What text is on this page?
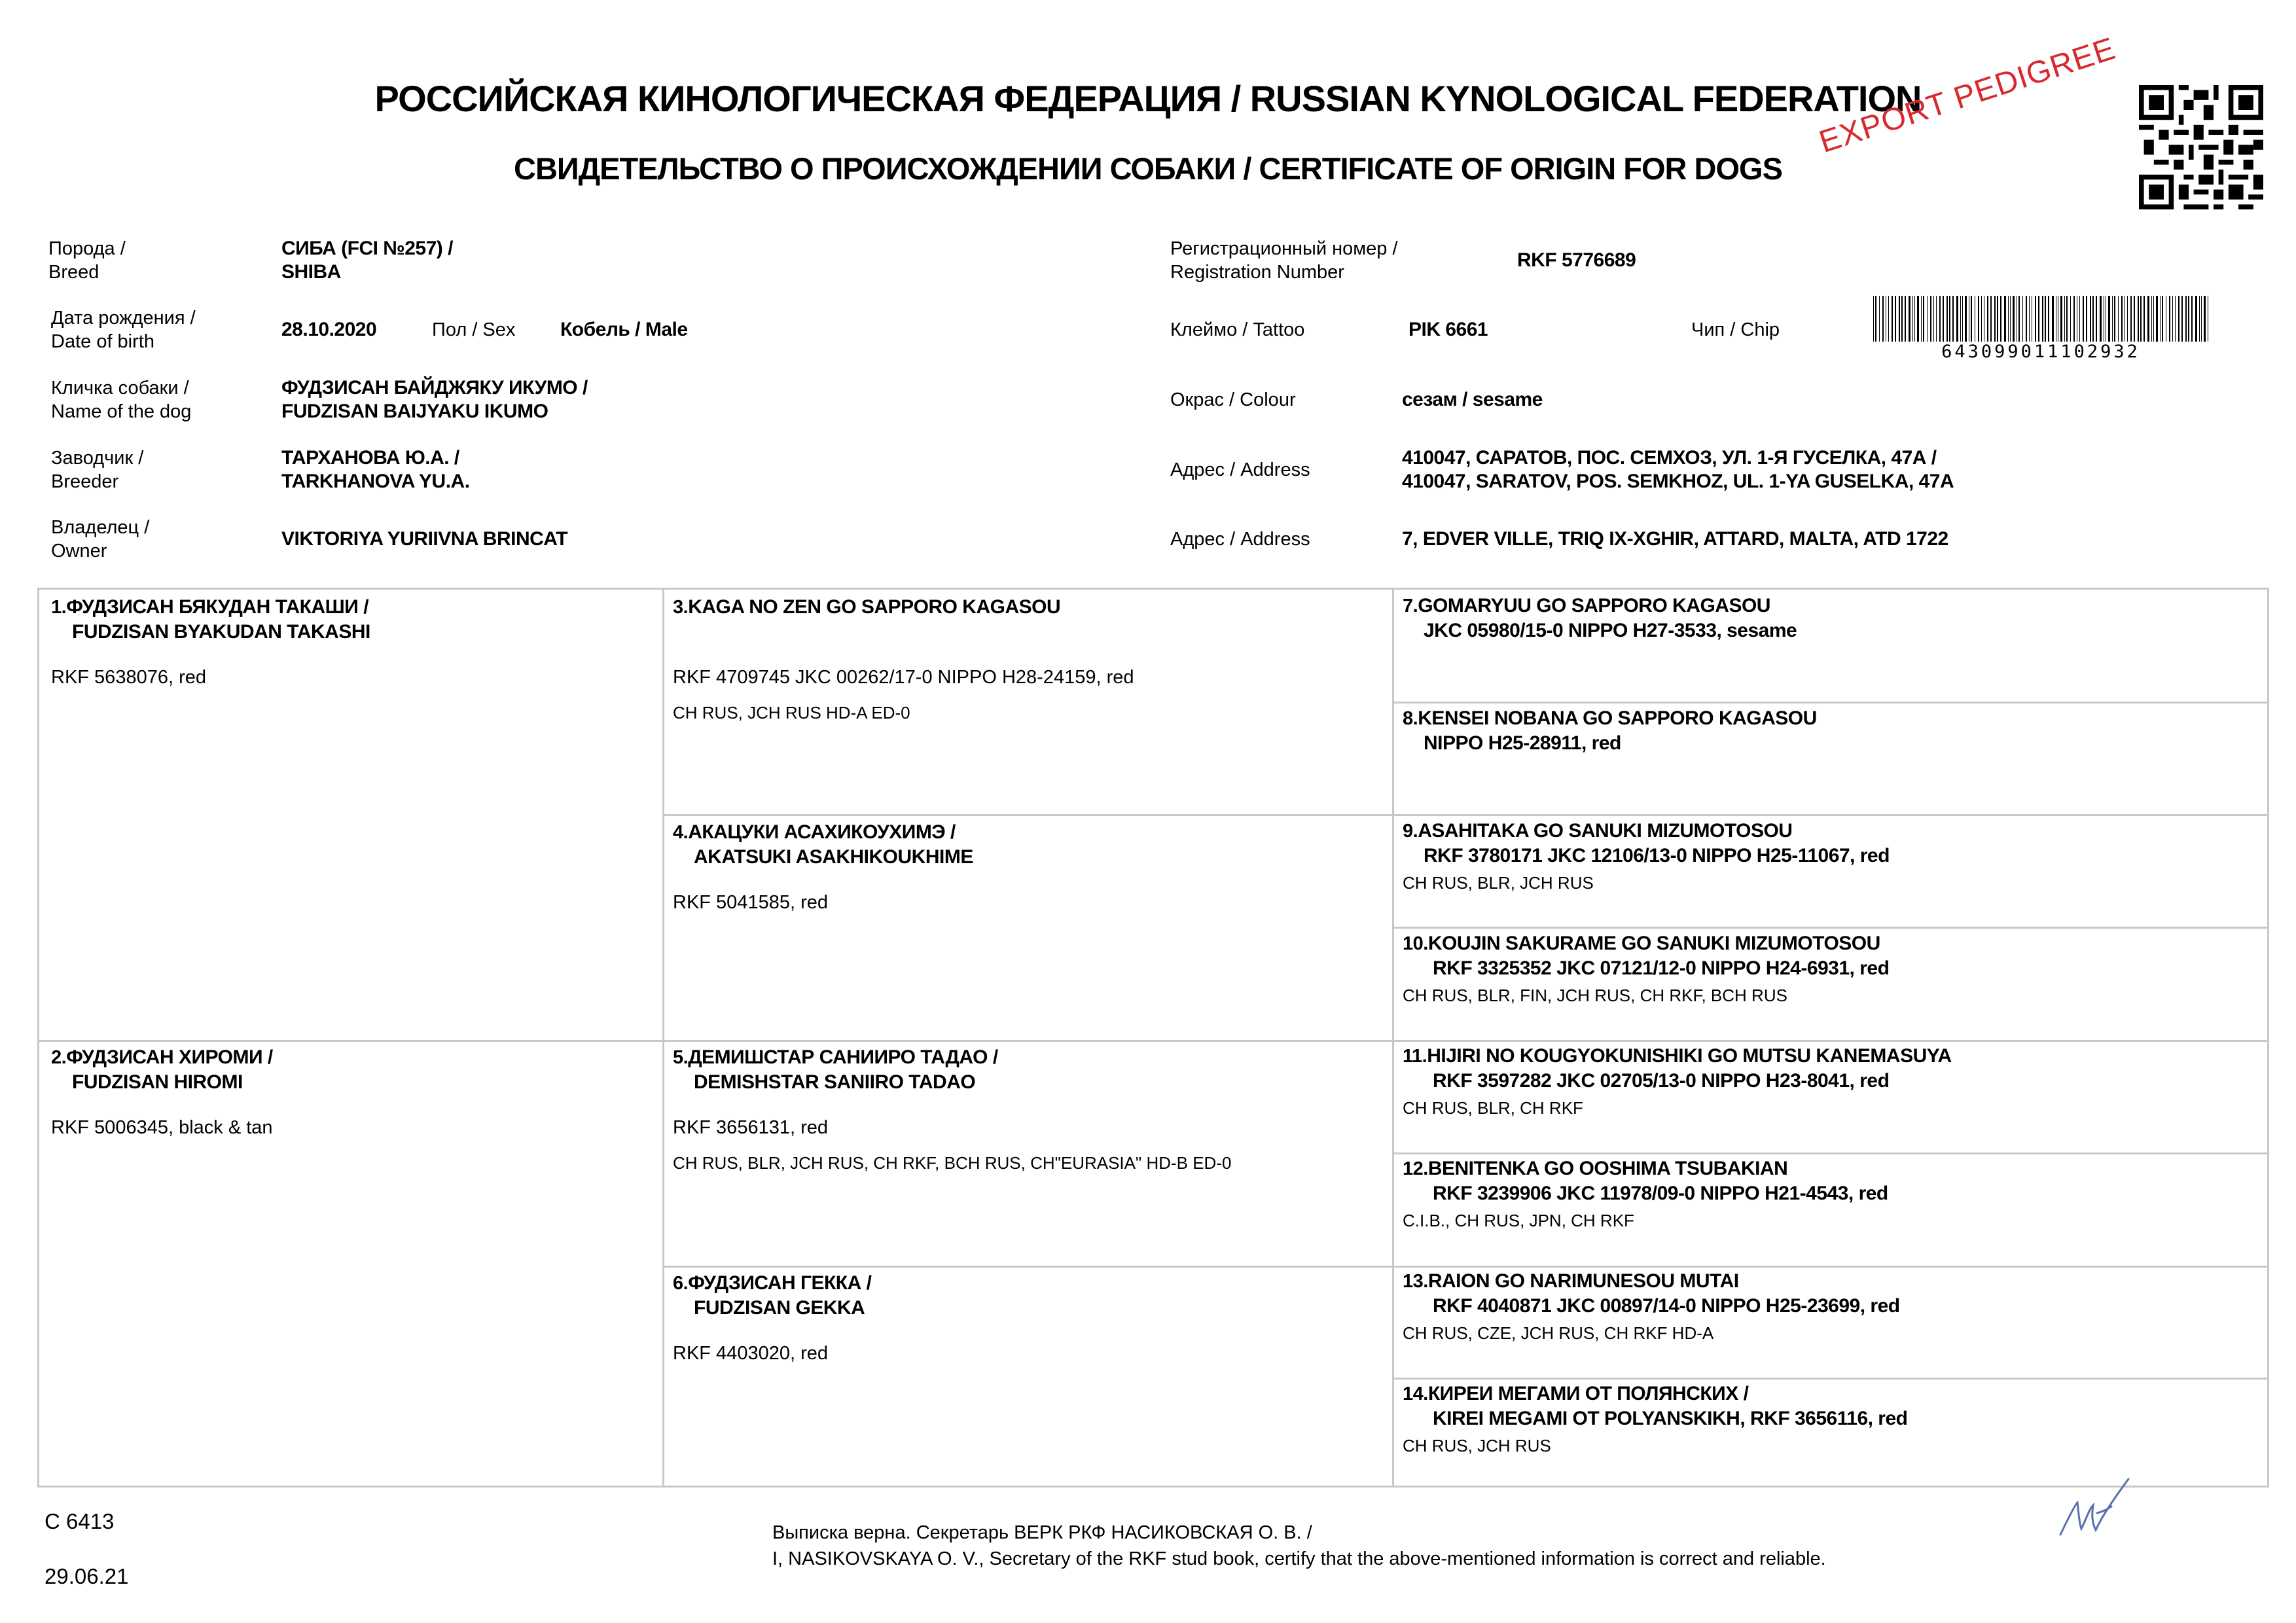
РОССИЙСКАЯ КИНОЛОГИЧЕСКАЯ ФЕДЕРАЦИЯ / RUSSIAN KYNOLOGICAL FEDERATION
СВИДЕТЕЛЬСТВО О ПРОИСХОЖДЕНИИ СОБАКИ / CERTIFICATE OF ORIGIN FOR DOGS
EXPORT PEDIGREE
Порода /
Breed
СИБА (FCI №257) /
SHIBA
Дата рождения /
Date of birth
28.10.2020	Пол / Sex Кобель / Male
Кличка собаки /
Name of the dog
ФУДЗИСАН БАЙДЖЯКУ ИКУМО /
FUDZISAN BAIJYAKU IKUMO
Заводчик /
Breeder
ТАРХАНОВА Ю.А. /
TARKHANOVA YU.A.
Владелец /
Owner
VIKTORIYA YURIIVNA BRINCAT
Регистрационный номер /
Registration Number
RKF 5776689
Клеймо / Tattoo	PIK 6661	Чип / Chip
643099011102932
Окрас / Colour	сезам / sesame
Адрес / Address
410047, САРАТОВ, ПОС. СЕМХОЗ, УЛ. 1-Я ГУСЕЛКА, 47А /
410047, SARATOV, POS. SEMKHOZ, UL. 1-YA GUSELKA, 47A
Адрес / Address	7, EDVER VILLE, TRIQ IX-XGHIR, ATTARD, MALTA, ATD 1722
1.ФУДЗИСАН БЯКУДАН ТАКАШИ /
FUDZISAN BYAKUDAN TAKASHI
RKF 5638076, red
2.ФУДЗИСАН ХИРОМИ /
FUDZISAN HIROMI
RKF 5006345, black & tan
3.KAGA NO ZEN GO SAPPORO KAGASOU
RKF 4709745 JKC 00262/17-0 NIPPO H28-24159, red
CH RUS, JCH RUS HD-A ED-0
4.АКАЦУКИ АСАХИКОУХИМЭ /
AKATSUKI ASAKHIKOUKHIME
RKF 5041585, red
5.ДЕМИШСТАР САНИИРО ТАДАО /
DEMISHSTAR SANIIRO TADAO
RKF 3656131, red
CH RUS, BLR, JCH RUS, CH RKF, BCH RUS, CH"EURASIA" HD-B ED-0
6.ФУДЗИСАН ГЕККА /
FUDZISAN GEKKA
RKF 4403020, red
7.GOMARYUU GO SAPPORO KAGASOU
JKC 05980/15-0 NIPPO H27-3533, sesame
8.KENSEI NOBANA GO SAPPORO KAGASOU
NIPPO H25-28911, red
9.ASAHITAKA GO SANUKI MIZUMOTOSOU
RKF 3780171 JKC 12106/13-0 NIPPO H25-11067, red
CH RUS, BLR, JCH RUS
10.KOUJIN SAKURAME GO SANUKI MIZUMOTOSOU
RKF 3325352 JKC 07121/12-0 NIPPO H24-6931, red
CH RUS, BLR, FIN, JCH RUS, CH RKF, BCH RUS
11.HIJIRI NO KOUGYOKUNISHIKI GO MUTSU KANEMASUYA
RKF 3597282 JKC 02705/13-0 NIPPO H23-8041, red
CH RUS, BLR, CH RKF
12.BENITENKA GO OOSHIMA TSUBAKIAN
RKF 3239906 JKC 11978/09-0 NIPPO H21-4543, red
C.I.B., CH RUS, JPN, CH RKF
13.RAION GO NARIMUNESOU MUTAI
RKF 4040871 JKC 00897/14-0 NIPPO H25-23699, red
CH RUS, CZE, JCH RUS, CH RKF HD-A
14.КИРЕИ МЕГАМИ ОТ ПОЛЯНСКИХ /
KIREI MEGAMI OT POLYANSKIKH, RKF 3656116, red
CH RUS, JCH RUS
C 6413
29.06.21
Выписка верна. Секретарь ВЕРК РКФ НАСИКОВСКАЯ О. В. /
I, NASIKOVSKAYA O. V., Secretary of the RKF stud book, certify that the above-mentioned information is correct and reliable.
